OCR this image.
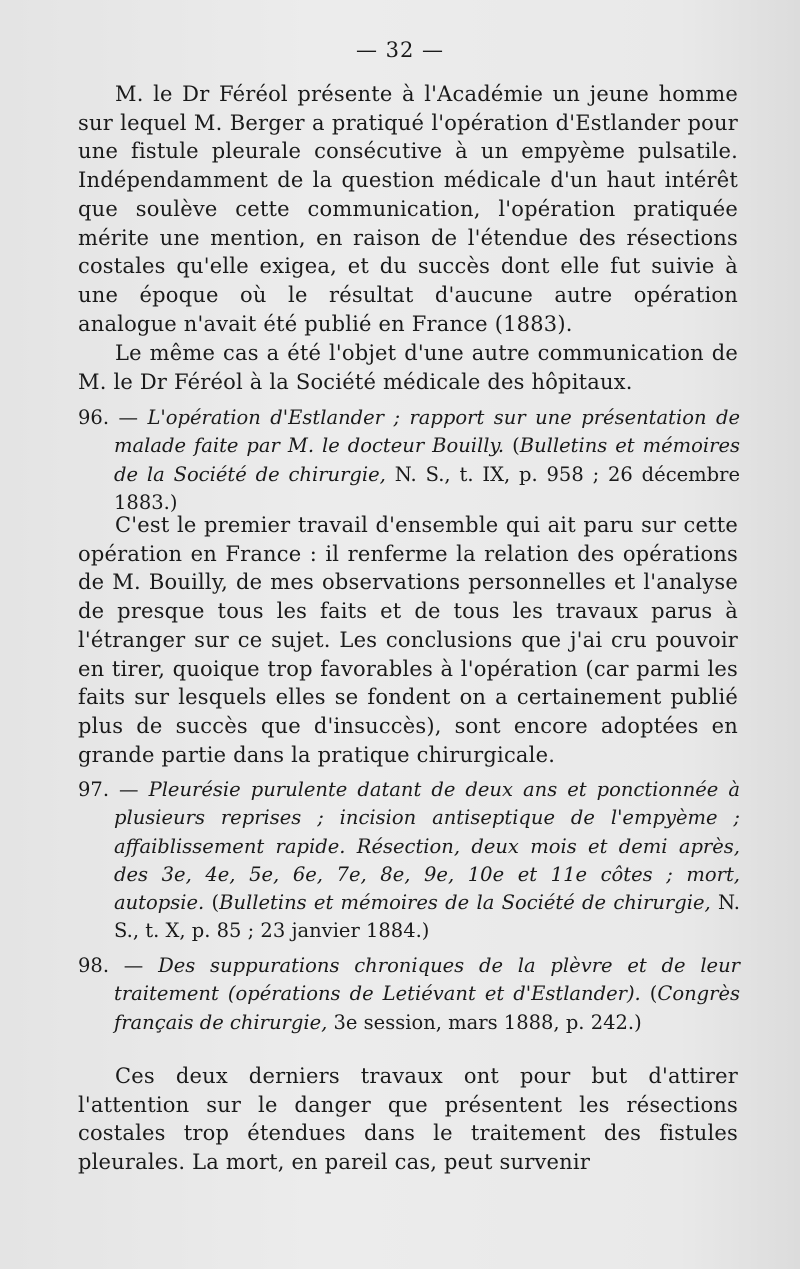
— 32 —

M. le Dr Féréol présente à l'Académie un jeune homme sur lequel M. Berger a pratiqué l'opération d'Estlander pour une fistule pleurale consécutive à un empyème pulsatile. Indépendamment de la question médicale d'un haut intérêt que soulève cette communication, l'opération pratiquée mérite une mention, en raison de l'étendue des résections costales qu'elle exigea, et du succès dont elle fut suivie à une époque où le résultat d'aucune autre opération analogue n'avait été publié en France (1883).

Le même cas a été l'objet d'une autre communication de M. le Dr Féréol à la Société médicale des hôpitaux.

96. — L'opération d'Estlander ; rapport sur une présentation de malade faite par M. le docteur Bouilly. (Bulletins et mémoires de la Société de chirurgie, N. S., t. IX, p. 958 ; 26 décembre 1883.)

C'est le premier travail d'ensemble qui ait paru sur cette opération en France : il renferme la relation des opérations de M. Bouilly, de mes observations personnelles et l'analyse de presque tous les faits et de tous les travaux parus à l'étranger sur ce sujet. Les conclusions que j'ai cru pouvoir en tirer, quoique trop favorables à l'opération (car parmi les faits sur lesquels elles se fondent on a certainement publié plus de succès que d'insuccès), sont encore adoptées en grande partie dans la pratique chirurgicale.

97. — Pleurésie purulente datant de deux ans et ponctionnée à plusieurs reprises ; incision antiseptique de l'empyème ; affaiblissement rapide. Résection, deux mois et demi après, des 3e, 4e, 5e, 6e, 7e, 8e, 9e, 10e et 11e côtes ; mort, autopsie. (Bulletins et mémoires de la Société de chirurgie, N. S., t. X, p. 85 ; 23 janvier 1884.)
98. — Des suppurations chroniques de la plèvre et de leur traitement (opérations de Letiévant et d'Estlander). (Congrès français de chirurgie, 3e session, mars 1888, p. 242.)

Ces deux derniers travaux ont pour but d'attirer l'attention sur le danger que présentent les résections costales trop étendues dans le traitement des fistules pleurales. La mort, en pareil cas, peut survenir
